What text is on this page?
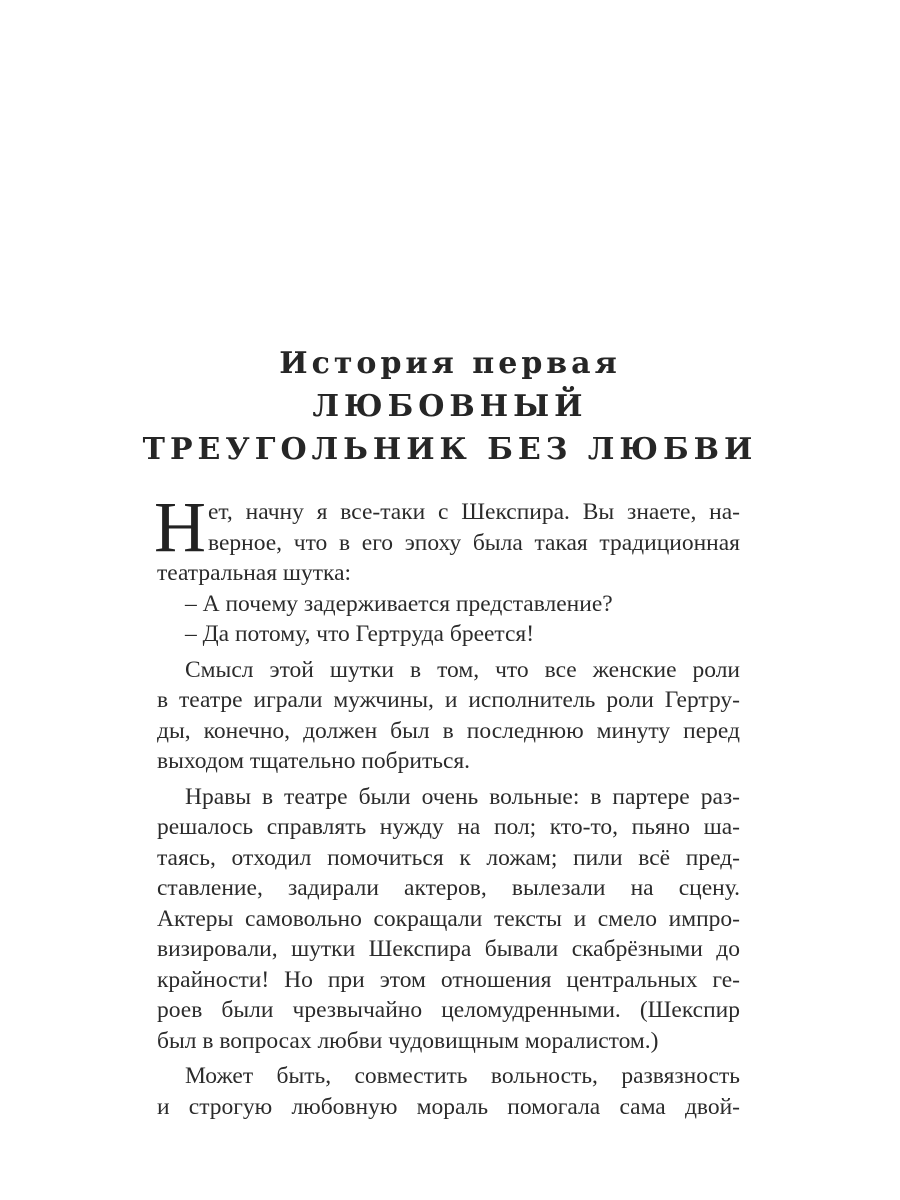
История первая
ЛЮБОВНЫЙ
ТРЕУГОЛЬНИК БЕЗ ЛЮБВИ
Н ет, начну я все-таки с Шекспира. Вы знаете, на-
верное, что в его эпоху была такая традиционная
театральная шутка:
– А почему задерживается представление?
– Да потому, что Гертруда бреется!
Смысл этой шутки в том, что все женские роли
в театре играли мужчины, и исполнитель роли Гертру-
ды, конечно, должен был в последнюю минуту перед
выходом тщательно побриться.
Нравы в театре были очень вольные: в партере раз-
решалось справлять нужду на пол; кто-то, пьяно ша-
таясь, отходил помочиться к ложам; пили всё пред-
ставление, задирали актеров, вылезали на сцену.
Актеры самовольно сокращали тексты и смело импро-
визировали, шутки Шекспира бывали скабрёзными до
крайности! Но при этом отношения центральных ге-
роев были чрезвычайно целомудренными. (Шекспир
был в вопросах любви чудовищным моралистом.)
Может быть, совместить вольность, развязность
и строгую любовную мораль помогала сама двой-
